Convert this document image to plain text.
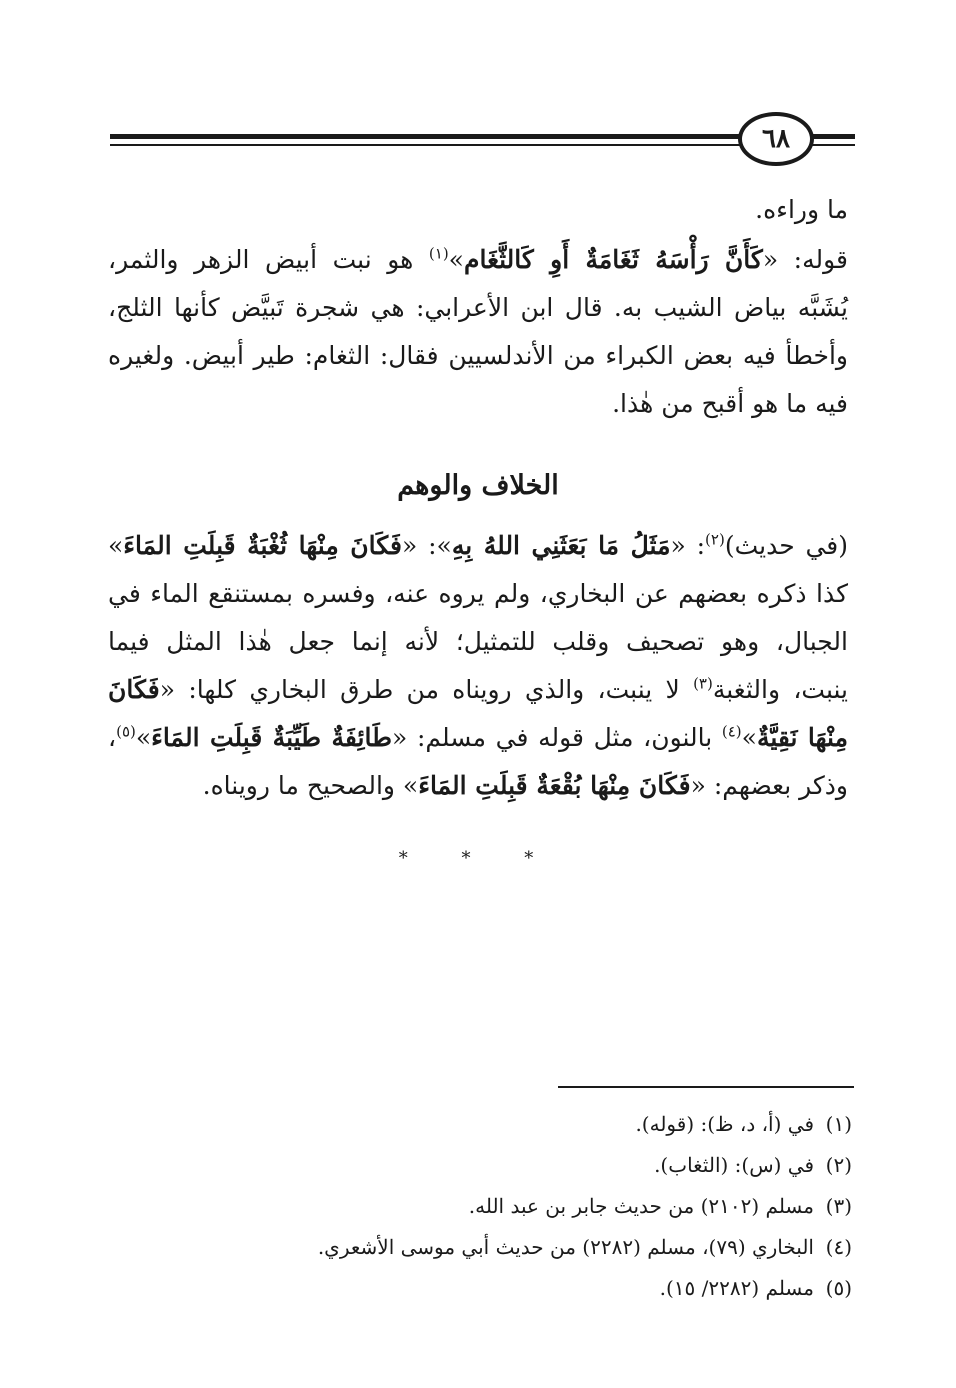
٦٨
ما وراءه.
قوله: «كَأَنَّ رَأْسَهُ ثَغَامَةٌ أَوِ كَالثَّغَام»$^{(١)}$ هو نبت أبيض الزهر والثمر،
يُشَبَّه بياض الشيب به. قال ابن الأعرابي: هي شجرة تَبيَّض كأنها الثلج،
وأخطأ فيه بعض الكبراء من الأندلسيين فقال: الثغام: طير أبيض. ولغيره
فيه ما هو أقبح من هٰذا.
الخلاف والوهم
(في حديث)$^{(٢)}$: «مَثَلُ مَا بَعَثَنِي اللهُ بِهِ»: «فَكَانَ مِنْهَا ثُغْبَةٌ قَبِلَتِ المَاءَ»
كذا ذكره بعضهم عن البخاري، ولم يروه عنه، وفسره بمستنقع الماء في
الجبال، وهو تصحيف وقلب للتمثيل؛ لأنه إنما جعل هٰذا المثل فيما
ينبت، والثغبة$^{(٣)}$ لا ينبت، والذي رويناه من طرق البخاري كلها: «فَكَانَ
مِنْهَا نَقِيَّةٌ»$^{(٤)}$ بالنون، مثل قوله في مسلم: «طَائِفَةٌ طَيِّبَةٌ قَبِلَتِ المَاءَ»$^{(٥)}$،
وذكر بعضهم: «فَكَانَ مِنْهَا بُقْعَةٌ قَبِلَتِ المَاءَ» والصحيح ما رويناه.
* * *
(١)في (أ، د، ظ): (قوله).
(٢)في (س): (الثغاب).
(٣)مسلم (٢١٠٢) من حديث جابر بن عبد الله.
(٤)البخاري (٧٩)، مسلم (٢٢٨٢) من حديث أبي موسى الأشعري.
(٥)مسلم (٢٢٨٢/ ١٥).
